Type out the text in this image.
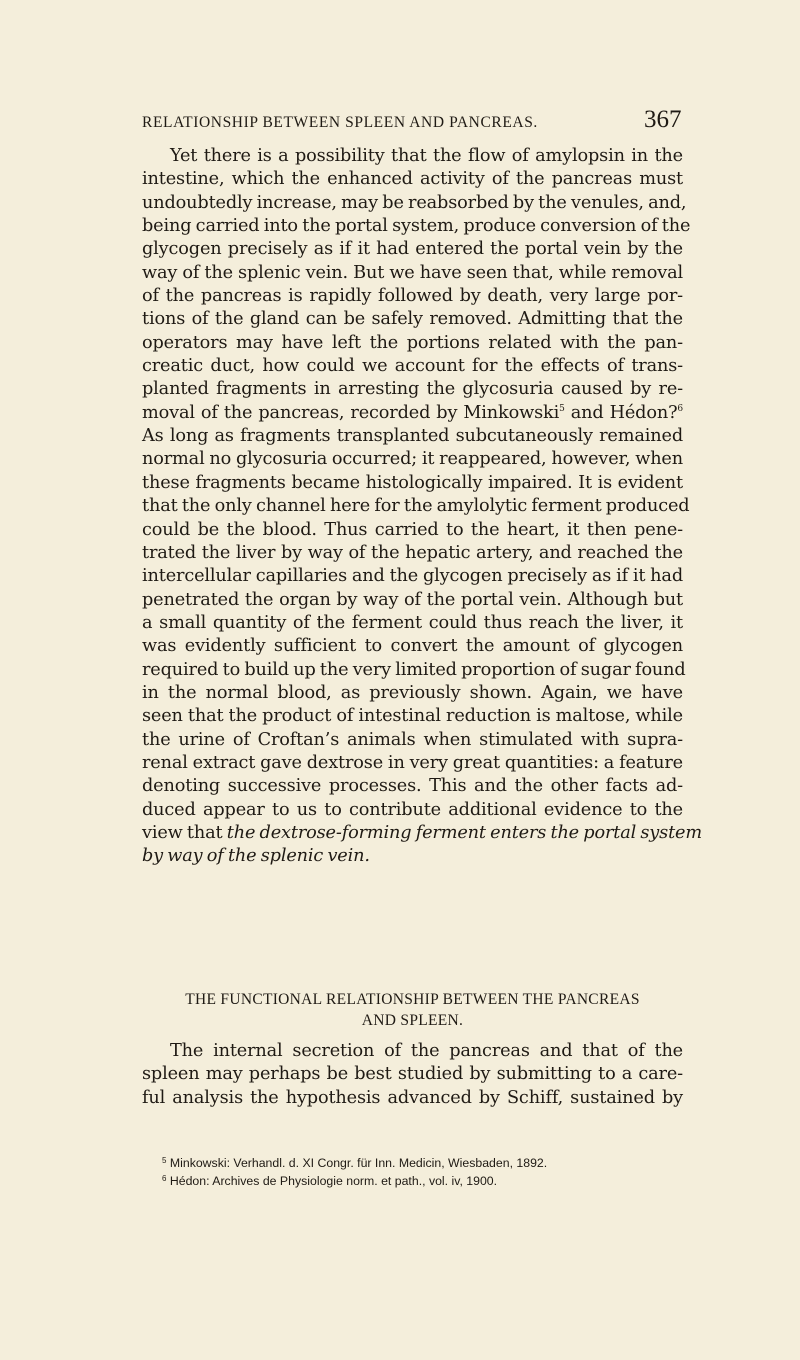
RELATIONSHIP BETWEEN SPLEEN AND PANCREAS.	367
Yet there is a possibility that the flow of amylopsin in the
intestine, which the enhanced activity of the pancreas must
undoubtedly increase, may be reabsorbed by the venules, and,
being carried into the portal system, produce conversion of the
glycogen precisely as if it had entered the portal vein by the
way of the splenic vein. But we have seen that, while removal
of the pancreas is rapidly followed by death, very large por-
tions of the gland can be safely removed. Admitting that the
operators may have left the portions related with the pan-
creatic duct, how could we account for the effects of trans-
planted fragments in arresting the glycosuria caused by re-
moval of the pancreas, recorded by Minkowski$^5$ and Hédon?$^6$
As long as fragments transplanted subcutaneously remained
normal no glycosuria occurred; it reappeared, however, when
these fragments became histologically impaired. It is evident
that the only channel here for the amylolytic ferment produced
could be the blood. Thus carried to the heart, it then pene-
trated the liver by way of the hepatic artery, and reached the
intercellular capillaries and the glycogen precisely as if it had
penetrated the organ by way of the portal vein. Although but
a small quantity of the ferment could thus reach the liver, it
was evidently sufficient to convert the amount of glycogen
required to build up the very limited proportion of sugar found
in the normal blood, as previously shown. Again, we have
seen that the product of intestinal reduction is maltose, while
the urine of Croftan’s animals when stimulated with supra-
renal extract gave dextrose in very great quantities: a feature
denoting successive processes. This and the other facts ad-
duced appear to us to contribute additional evidence to the
view that the dextrose-forming ferment enters the portal system
by way of the splenic vein.
THE FUNCTIONAL RELATIONSHIP BETWEEN THE PANCREAS
AND SPLEEN.
The internal secretion of the pancreas and that of the
spleen may perhaps be best studied by submitting to a care-
ful analysis the hypothesis advanced by Schiff, sustained by
$^5$ Minkowski: Verhandl. d. XI Congr. für Inn. Medicin, Wiesbaden, 1892.
$^6$ Hédon: Archives de Physiologie norm. et path., vol. iv, 1900.
